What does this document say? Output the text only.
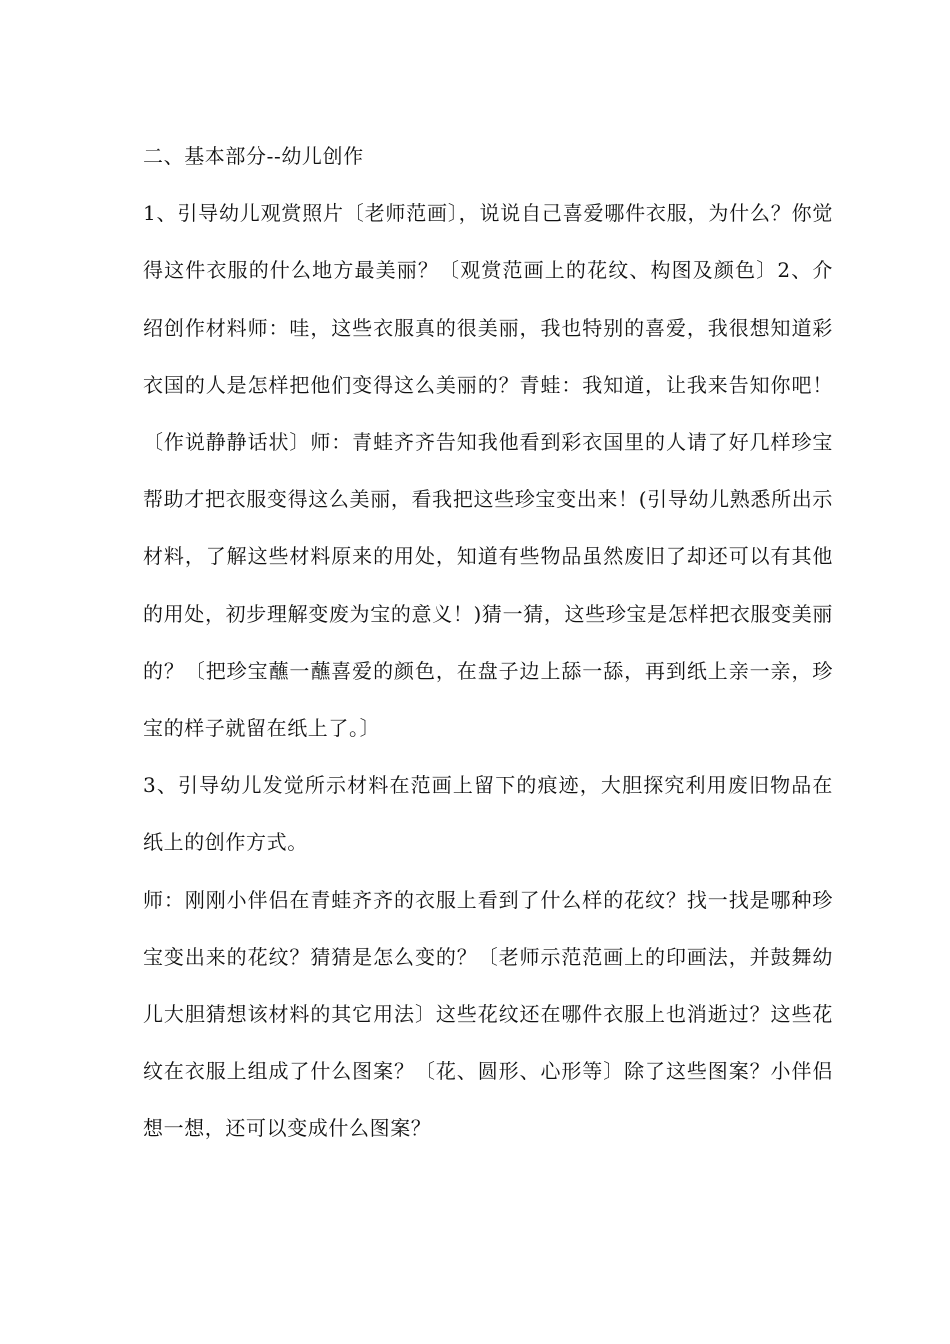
二、基本部分--幼儿创作

1、引导幼儿观赏照片〔老师范画〕，说说自己喜爱哪件衣服，为什么？你觉得这件衣服的什么地方最美丽？〔观赏范画上的花纹、构图及颜色〕2、介绍创作材料师：哇，这些衣服真的很美丽，我也特别的喜爱，我很想知道彩衣国的人是怎样把他们变得这么美丽的？青蛙：我知道，让我来告知你吧！〔作说静静话状〕师：青蛙齐齐告知我他看到彩衣国里的人请了好几样珍宝帮助才把衣服变得这么美丽，看我把这些珍宝变出来！(引导幼儿熟悉所出示材料，了解这些材料原来的用处，知道有些物品虽然废旧了却还可以有其他的用处，初步理解变废为宝的意义！)猜一猜，这些珍宝是怎样把衣服变美丽的？〔把珍宝蘸一蘸喜爱的颜色，在盘子边上舔一舔，再到纸上亲一亲，珍宝的样子就留在纸上了。〕

3、引导幼儿发觉所示材料在范画上留下的痕迹，大胆探究利用废旧物品在纸上的创作方式。

师：刚刚小伴侣在青蛙齐齐的衣服上看到了什么样的花纹？找一找是哪种珍宝变出来的花纹？猜猜是怎么变的？〔老师示范范画上的印画法，并鼓舞幼儿大胆猜想该材料的其它用法〕这些花纹还在哪件衣服上也消逝过？这些花纹在衣服上组成了什么图案？〔花、圆形、心形等〕除了这些图案？小伴侣想一想，还可以变成什么图案？
